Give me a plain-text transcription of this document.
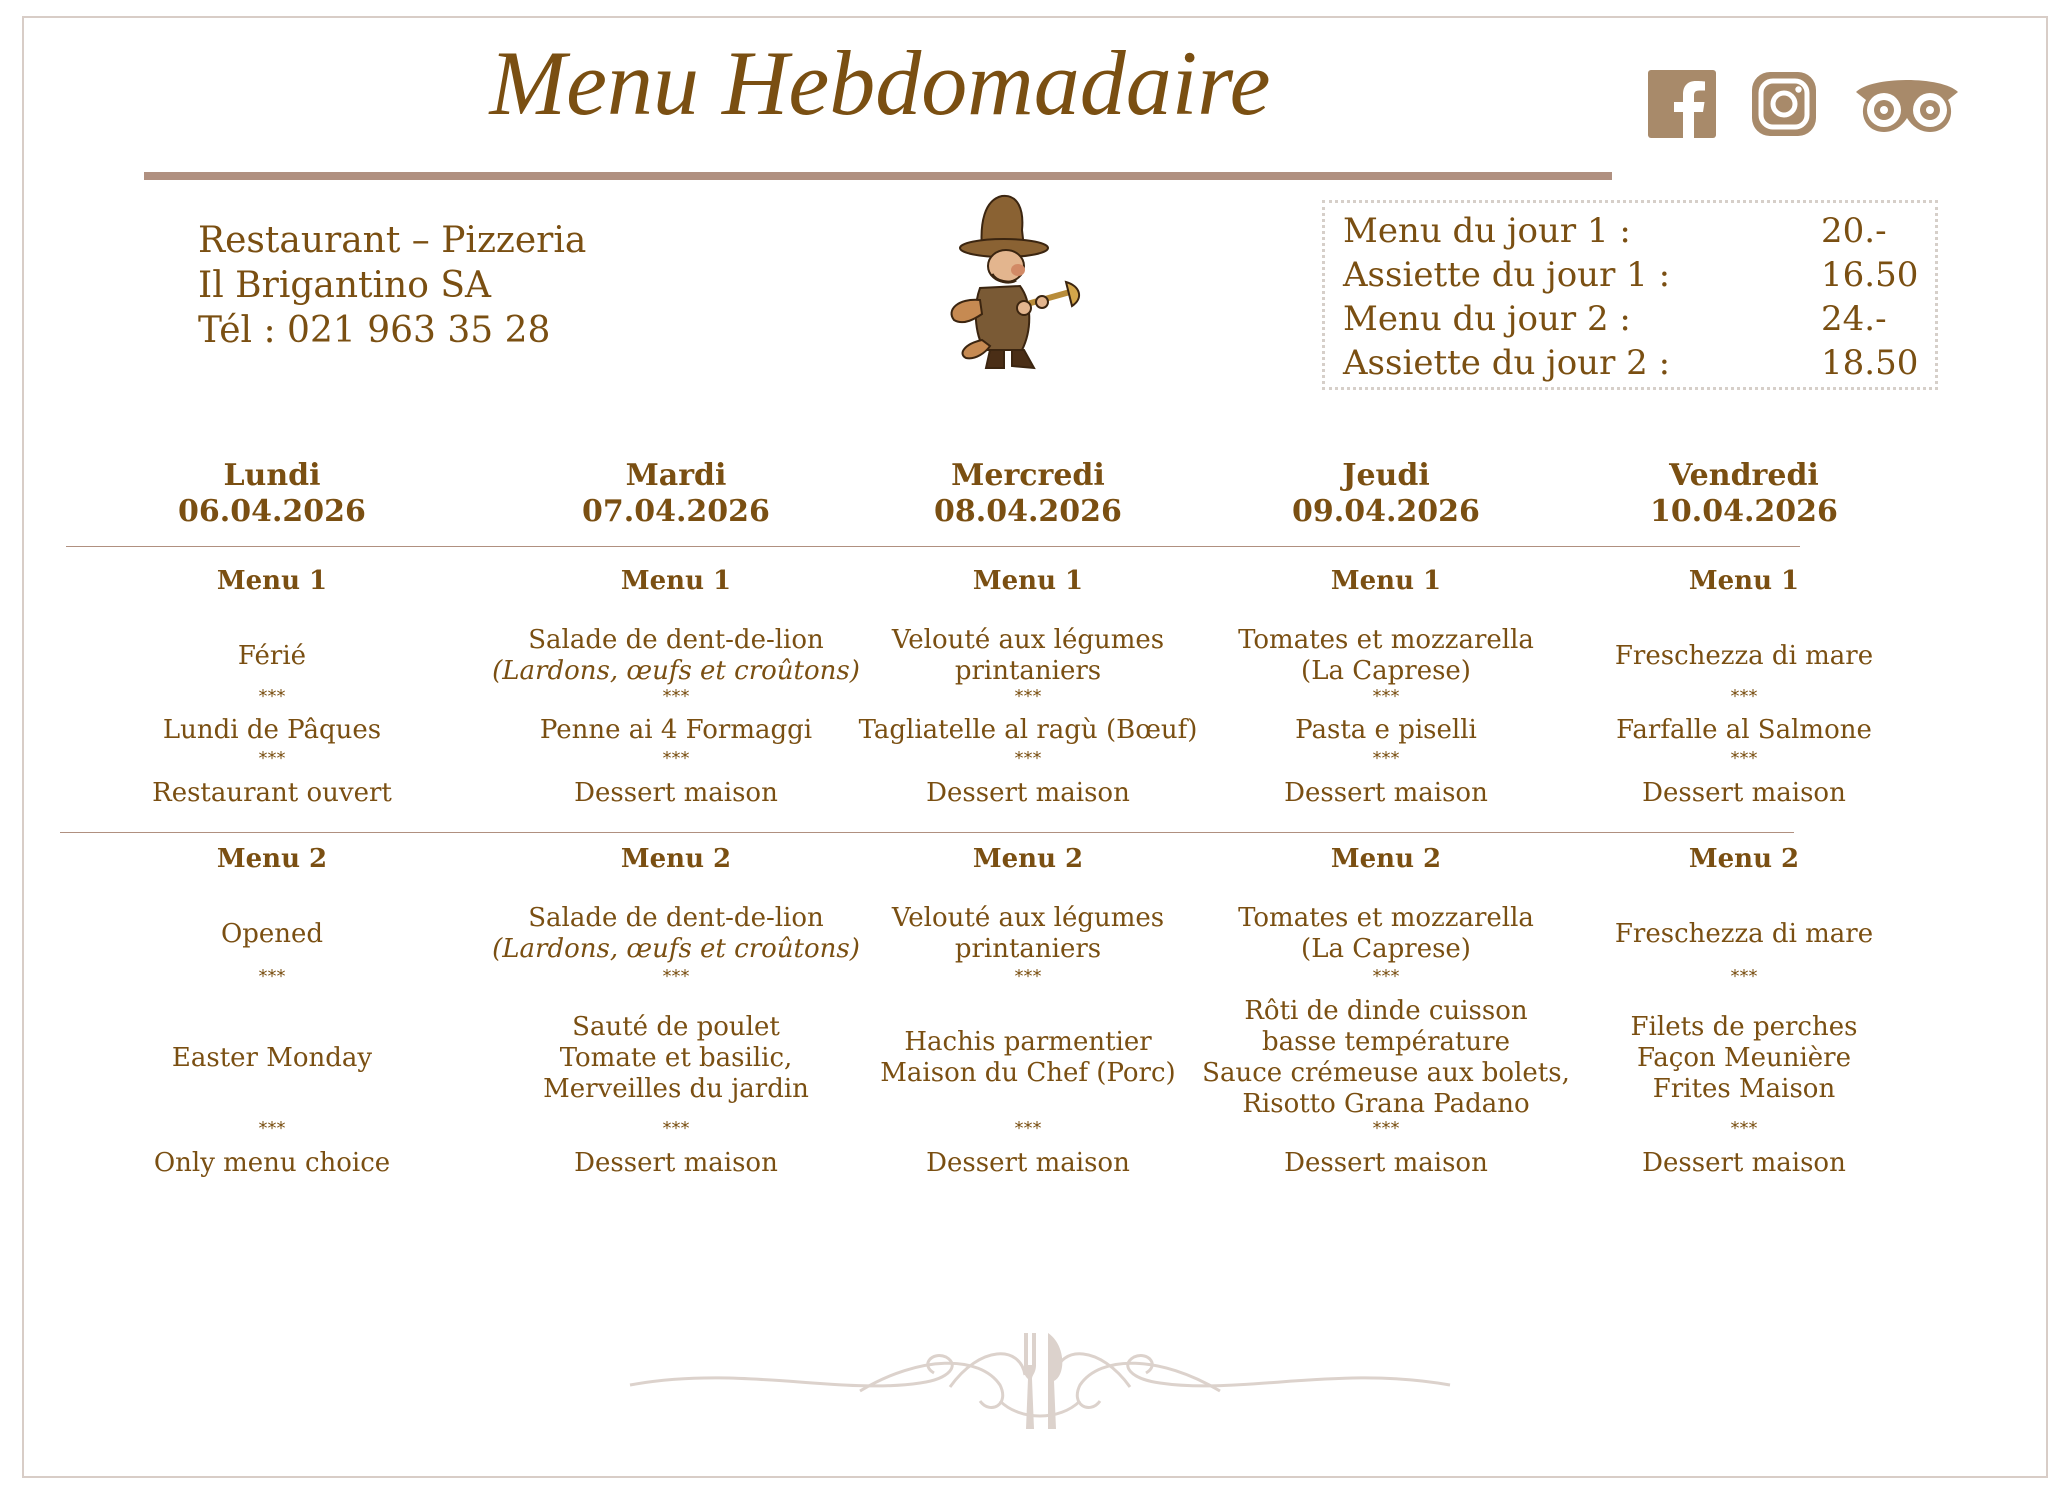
Menu Hebdomadaire
Restaurant – Pizzeria
Il Brigantino SA
Tél : 021 963 35 28
Menu du jour 1 :	20.-
Assiette du jour 1 :	16.50
Menu du jour 2 :	24.-
Assiette du jour 2 :	18.50
Lundi
06.04.2026
Menu 1
Férié
***
Lundi de Pâques
***
Restaurant ouvert
Menu 2
Opened
***
Easter Monday
***
Only menu choice
Mardi
07.04.2026
Menu 1
Salade de dent-de-lion
(Lardons, œufs et croûtons)
***
Penne ai 4 Formaggi
***
Dessert maison
Menu 2
Salade de dent-de-lion
(Lardons, œufs et croûtons)
***
Sauté de poulet
Tomate et basilic,
Merveilles du jardin
***
Dessert maison
Mercredi
08.04.2026
Menu 1
Velouté aux légumes
printaniers
***
Tagliatelle al ragù (Bœuf)
***
Dessert maison
Menu 2
Velouté aux légumes
printaniers
***
Hachis parmentier
Maison du Chef (Porc)
***
Dessert maison
Jeudi
09.04.2026
Menu 1
Tomates et mozzarella
(La Caprese)
***
Pasta e piselli
***
Dessert maison
Menu 2
Tomates et mozzarella
(La Caprese)
***
Rôti de dinde cuisson
basse température
Sauce crémeuse aux bolets,
Risotto Grana Padano
***
Dessert maison
Vendredi
10.04.2026
Menu 1
Freschezza di mare
***
Farfalle al Salmone
***
Dessert maison
Menu 2
Freschezza di mare
***
Filets de perches
Façon Meunière
Frites Maison
***
Dessert maison
